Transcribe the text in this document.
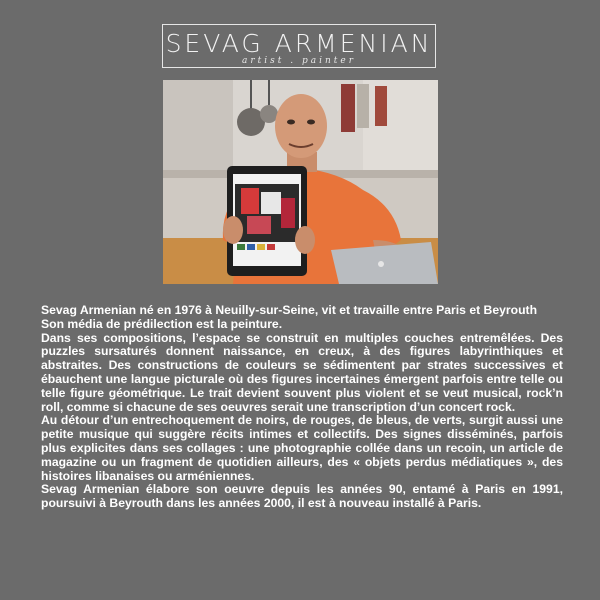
SEVAG ARMENIAN
artist . painter

Sevag Armenian né en 1976 à Neuilly-sur-Seine, vit et travaille entre Paris et Beyrouth

Son média de prédilection est la peinture.

Dans ses compositions, l’espace se construit en multiples couches entremêlées. Des puzzles sursaturés donnent naissance, en creux, à des figures labyrinthiques et abstraites. Des constructions de couleurs se sédimentent par strates successives et ébauchent une langue picturale où des figures incertaines émergent parfois entre telle ou telle figure géométrique. Le trait devient souvent plus violent et se veut musical, rock’n roll, comme si chacune de ses oeuvres serait une transcription d’un concert rock.

Au détour d’un entrechoquement de noirs, de rouges, de bleus, de verts, surgit aussi une petite musique qui suggère récits intimes et collectifs. Des signes disséminés, parfois plus explicites dans ses collages : une photographie collée dans un recoin, un article de magazine ou un fragment de quotidien ailleurs, des « objets perdus médiatiques », des histoires libanaises ou arméniennes.

Sevag Armenian élabore son oeuvre depuis les années 90, entamé à Paris en 1991, poursuivi à Beyrouth dans les années 2000, il est à nouveau installé à Paris.
